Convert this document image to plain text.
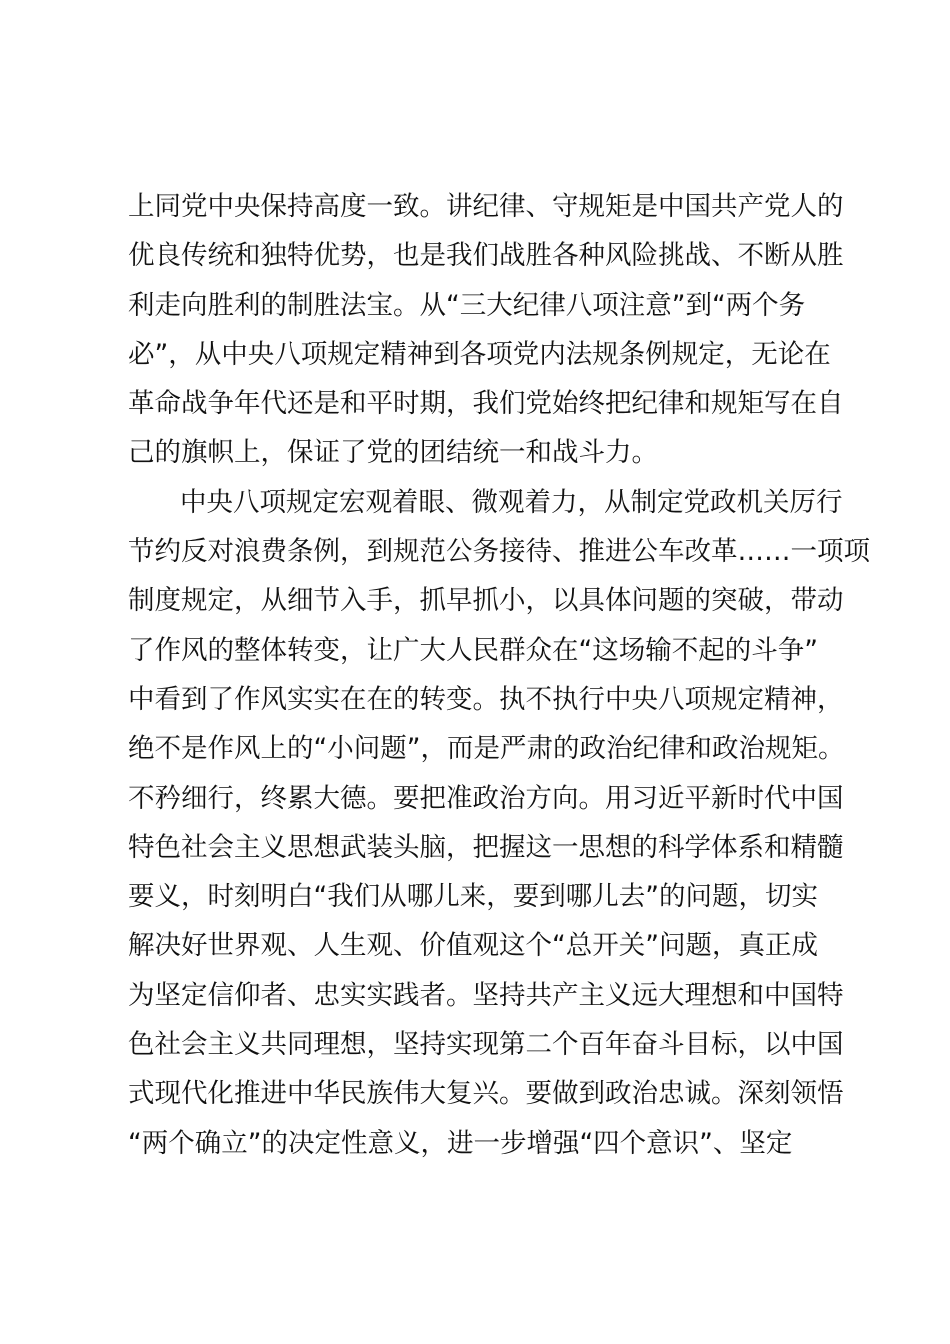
上同党中央保持高度一致。讲纪律、守规矩是中国共产党人的
优良传统和独特优势，也是我们战胜各种风险挑战、不断从胜
利走向胜利的制胜法宝。从“三大纪律八项注意”到“两个务
必”，从中央八项规定精神到各项党内法规条例规定，无论在
革命战争年代还是和平时期，我们党始终把纪律和规矩写在自
己的旗帜上，保证了党的团结统一和战斗力。
中央八项规定宏观着眼、微观着力，从制定党政机关厉行
节约反对浪费条例，到规范公务接待、推进公车改革……一项项
制度规定，从细节入手，抓早抓小，以具体问题的突破，带动
了作风的整体转变，让广大人民群众在“这场输不起的斗争”
中看到了作风实实在在的转变。执不执行中央八项规定精神，
绝不是作风上的“小问题”，而是严肃的政治纪律和政治规矩。
不矜细行，终累大德。要把准政治方向。用习近平新时代中国
特色社会主义思想武装头脑，把握这一思想的科学体系和精髓
要义，时刻明白“我们从哪儿来，要到哪儿去”的问题，切实
解决好世界观、人生观、价值观这个“总开关”问题，真正成
为坚定信仰者、忠实实践者。坚持共产主义远大理想和中国特
色社会主义共同理想，坚持实现第二个百年奋斗目标，以中国
式现代化推进中华民族伟大复兴。要做到政治忠诚。深刻领悟
“两个确立”的决定性意义，进一步增强“四个意识”、坚定
